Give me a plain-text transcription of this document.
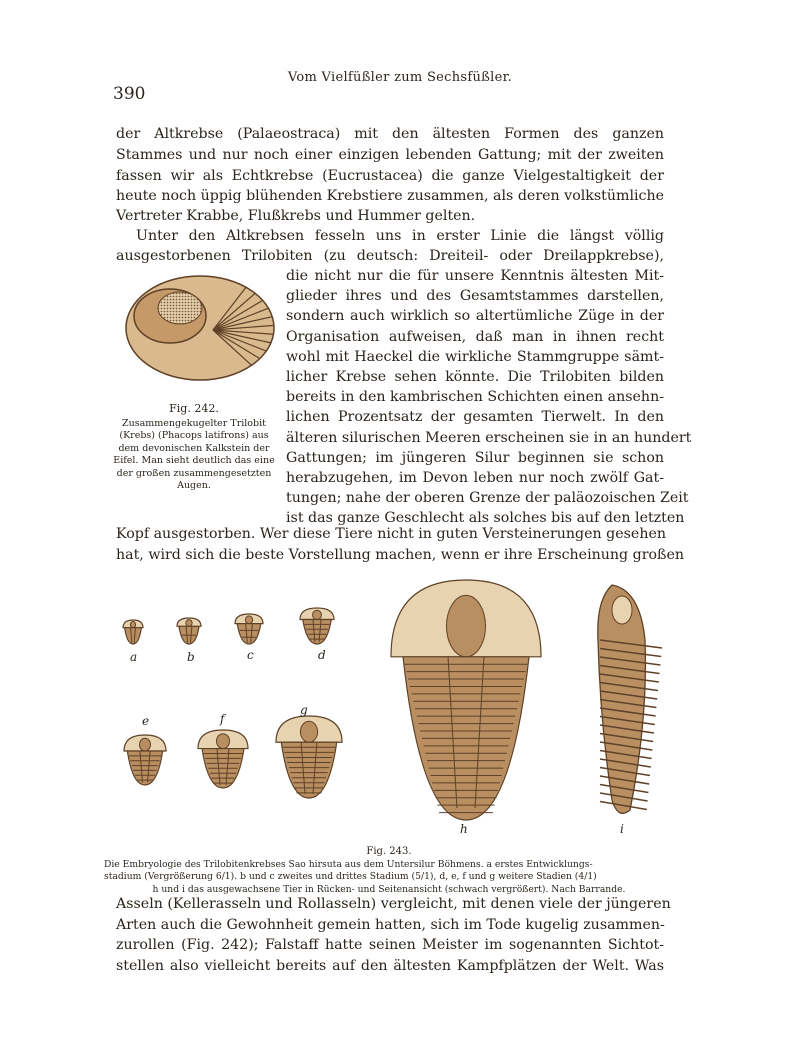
Vom Vielfüßler zum Sechsfüßler.
390
der Altkrebse (Palaeostraca) mit den ältesten Formen des ganzen
Stammes und nur noch einer einzigen lebenden Gattung; mit der zweiten
fassen wir als Echtkrebse (Eucrustacea) die ganze Vielgestaltigkeit der
heute noch üppig blühenden Krebstiere zusammen, als deren volkstümliche
Vertreter Krabbe, Flußkrebs und Hummer gelten.
Unter den Altkrebsen fesseln uns in erster Linie die längst völlig
ausgestorbenen Trilobiten (zu deutsch: Dreiteil- oder Dreilappkrebse),
die nicht nur die für unsere Kenntnis ältesten Mit-
glieder ihres und des Gesamtstammes darstellen,
sondern auch wirklich so altertümliche Züge in der
Organisation aufweisen, daß man in ihnen recht
wohl mit Haeckel die wirkliche Stammgruppe sämt-
licher Krebse sehen könnte. Die Trilobiten bilden
bereits in den kambrischen Schichten einen ansehn-
lichen Prozentsatz der gesamten Tierwelt. In den
älteren silurischen Meeren erscheinen sie in an hundert
Gattungen; im jüngeren Silur beginnen sie schon
herabzugehen, im Devon leben nur noch zwölf Gat-
tungen; nahe der oberen Grenze der paläozoischen Zeit
ist das ganze Geschlecht als solches bis auf den letzten
Kopf ausgestorben. Wer diese Tiere nicht in guten Versteinerungen gesehen
hat, wird sich die beste Vorstellung machen, wenn er ihre Erscheinung großen
Fig. 242.
Zusammengekugelter Trilobit (Krebs) (Phacops latifrons) aus dem devonischen Kalkstein der Eifel. Man sieht deutlich das eine der großen zusammengesetzten Augen.
a	b	c	d
e	f
g
h	i
Fig. 243.
Die Embryologie des Trilobitenkrebses Sao hirsuta aus dem Untersilur Böhmens. a erstes Entwicklungs-
stadium (Vergrößerung 6/1). b und c zweites und drittes Stadium (5/1), d, e, f und g weitere Stadien (4/1)
h und i das ausgewachsene Tier in Rücken- und Seitenansicht (schwach vergrößert). Nach Barrande.
Asseln (Kellerasseln und Rollasseln) vergleicht, mit denen viele der jüngeren
Arten auch die Gewohnheit gemein hatten, sich im Tode kugelig zusammen-
zurollen (Fig. 242); Falstaff hatte seinen Meister im sogenannten Sichtot-
stellen also vielleicht bereits auf den ältesten Kampfplätzen der Welt. Was
